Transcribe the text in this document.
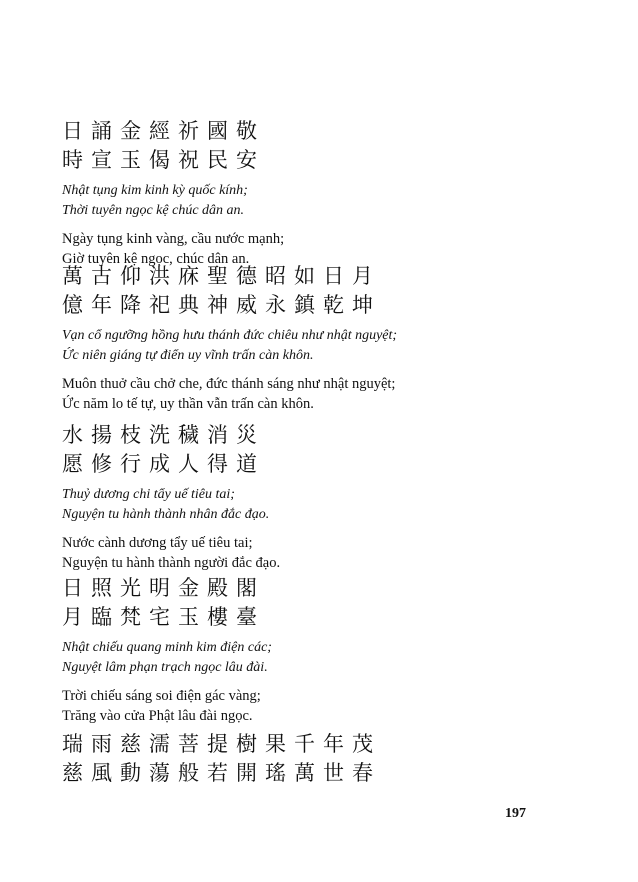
日誦金經祈國敬
時宣玉偈祝民安
Nhật tụng kim kinh kỳ quốc kính;
Thời tuyên ngọc kệ chúc dân an.
Ngày tụng kinh vàng, cầu nước mạnh;
Giờ tuyên kệ ngọc, chúc dân an.
萬古仰洪庥聖德昭如日月
億年降祀典神威永鎮乾坤
Vạn cổ ngưỡng hồng hưu thánh đức chiêu như nhật nguyệt;
Ức niên giáng tự điển uy vĩnh trấn càn khôn.
Muôn thuở cầu chở che, đức thánh sáng như nhật nguyệt;
Ức năm lo tế tự, uy thần vẫn trấn càn khôn.
水揚枝洗穢消災
愿修行成人得道
Thuỷ dương chi tẩy uế tiêu tai;
Nguyện tu hành thành nhân đắc đạo.
Nước cành dương tẩy uế tiêu tai;
Nguyện tu hành thành người đắc đạo.
日照光明金殿閣
月臨梵宅玉樓臺
Nhật chiếu quang minh kim điện các;
Nguyệt lâm phạn trạch ngọc lâu đài.
Trời chiếu sáng soi điện gác vàng;
Trăng vào cửa Phật lâu đài ngọc.
瑞雨慈濡菩提樹果千年茂
慈風動蕩般若開瑤萬世春
197
